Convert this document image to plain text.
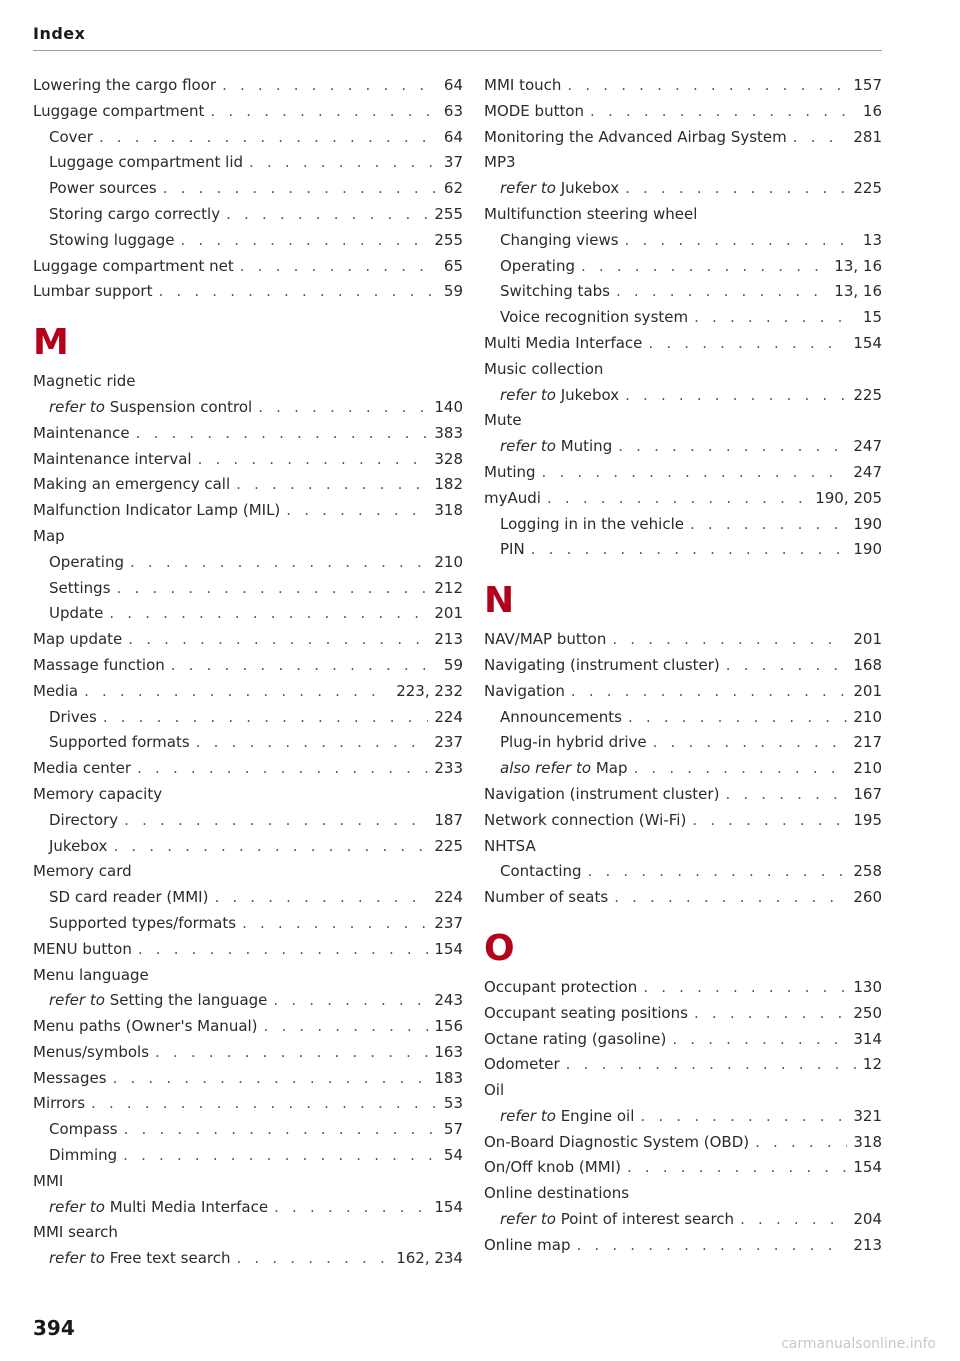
Index
Lowering the cargo floor . . .	64
Luggage compartment . . .	63
Cover . . .	64
Luggage compartment lid . . .	37
Power sources . . .	62
Storing cargo correctly . . .	255
Stowing luggage . . .	255
Luggage compartment net . . .	65
Lumbar support . . .	59
M
Magnetic ride
refer to Suspension control . . .	140
Maintenance . . .	383
Maintenance interval . . .	328
Making an emergency call . . .	182
Malfunction Indicator Lamp (MIL) . . .	318
Map
Operating . . .	210
Settings . . .	212
Update . . .	201
Map update . . .	213
Massage function . . .	59
Media . . .	223, 232
Drives . . .	224
Supported formats . . .	237
Media center . . .	233
Memory capacity
Directory . . .	187
Jukebox . . .	225
Memory card
SD card reader (MMI) . . .	224
Supported types/formats . . .	237
MENU button . . .	154
Menu language
refer to Setting the language . . .	243
Menu paths (Owner's Manual) . . .	156
Menus/symbols . . .	163
Messages . . .	183
Mirrors . . .	53
Compass . . .	57
Dimming . . .	54
MMI
refer to Multi Media Interface . . .	154
MMI search
refer to Free text search . . .	162, 234
MMI touch . . .	157
MODE button . . .	16
Monitoring the Advanced Airbag System . . .	281
MP3
refer to Jukebox . . .	225
Multifunction steering wheel
Changing views . . .	13
Operating . . .	13, 16
Switching tabs . . .	13, 16
Voice recognition system . . .	15
Multi Media Interface . . .	154
Music collection
refer to Jukebox . . .	225
Mute
refer to Muting . . .	247
Muting . . .	247
myAudi . . .	190, 205
Logging in in the vehicle . . .	190
PIN . . .	190
N
NAV/MAP button . . .	201
Navigating (instrument cluster) . . .	168
Navigation . . .	201
Announcements . . .	210
Plug-in hybrid drive . . .	217
also refer to Map . . .	210
Navigation (instrument cluster) . . .	167
Network connection (Wi-Fi) . . .	195
NHTSA
Contacting . . .	258
Number of seats . . .	260
O
Occupant protection . . .	130
Occupant seating positions . . .	250
Octane rating (gasoline) . . .	314
Odometer . . .	12
Oil
refer to Engine oil . . .	321
On-Board Diagnostic System (OBD) . . .	318
On/Off knob (MMI) . . .	154
Online destinations
refer to Point of interest search . . .	204
Online map . . .	213
394
carmanualsonline.info
